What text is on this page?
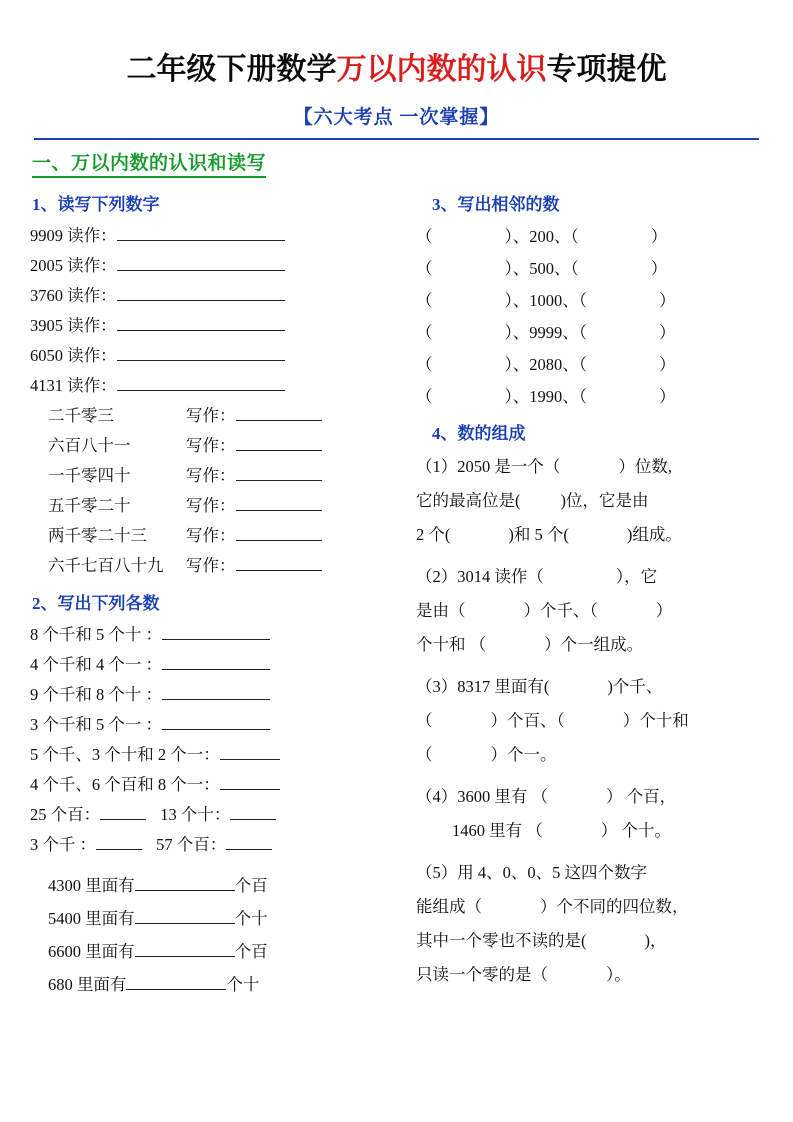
二年级下册数学万以内数的认识专项提优
【六大考点 一次掌握】
一、万以内数的认识和读写
1、读写下列数字
9909 读作：
2005 读作：
3760 读作：
3905 读作：
6050 读作：
4131 读作：
二千零三	写作：
六百八十一	写作：
一千零四十	写作：
五千零二十	写作：
两千零二十三 写作：
六千七百八十九 写作：
2、写出下列各数
8 个千和 5 个十 ：
4 个千和 4 个一 ：
9 个千和 8 个十 ：
3 个千和 5 个一 ：
5 个千、3 个十和 2 个一：
4 个千、6 个百和 8 个一：
25 个百：	13 个十：
3 个千 ：	57 个百：
4300 里面有	个百
5400 里面有	个十
6600 里面有	个百
680 里面有	个十
3、写出相邻的数
（	）、200、（	）
（	）、500、（	）
（	）、1000、（	）
（	）、9999、（	）
（	）、2080、（	）
（	）、1990、（	）
4、数的组成
（1）2050 是一个（	）位数,
它的最高位是( )位，它是由
2 个(	)和 5 个(	)组成。
（2）3014 读作（	），它
是由（	）个千、（	）
个十和 （	）个一组成。
（3）8317 里面有(	)个千、
（	）个百、（	）个十和
（	）个一。
（4）3600 里有 （	） 个百，
1460 里有 （	） 个十。
（5）用 4、0、0、5 这四个数字
能组成（	）个不同的四位数，
其中一个零也不读的是(	)，
只读一个零的是（	）。
